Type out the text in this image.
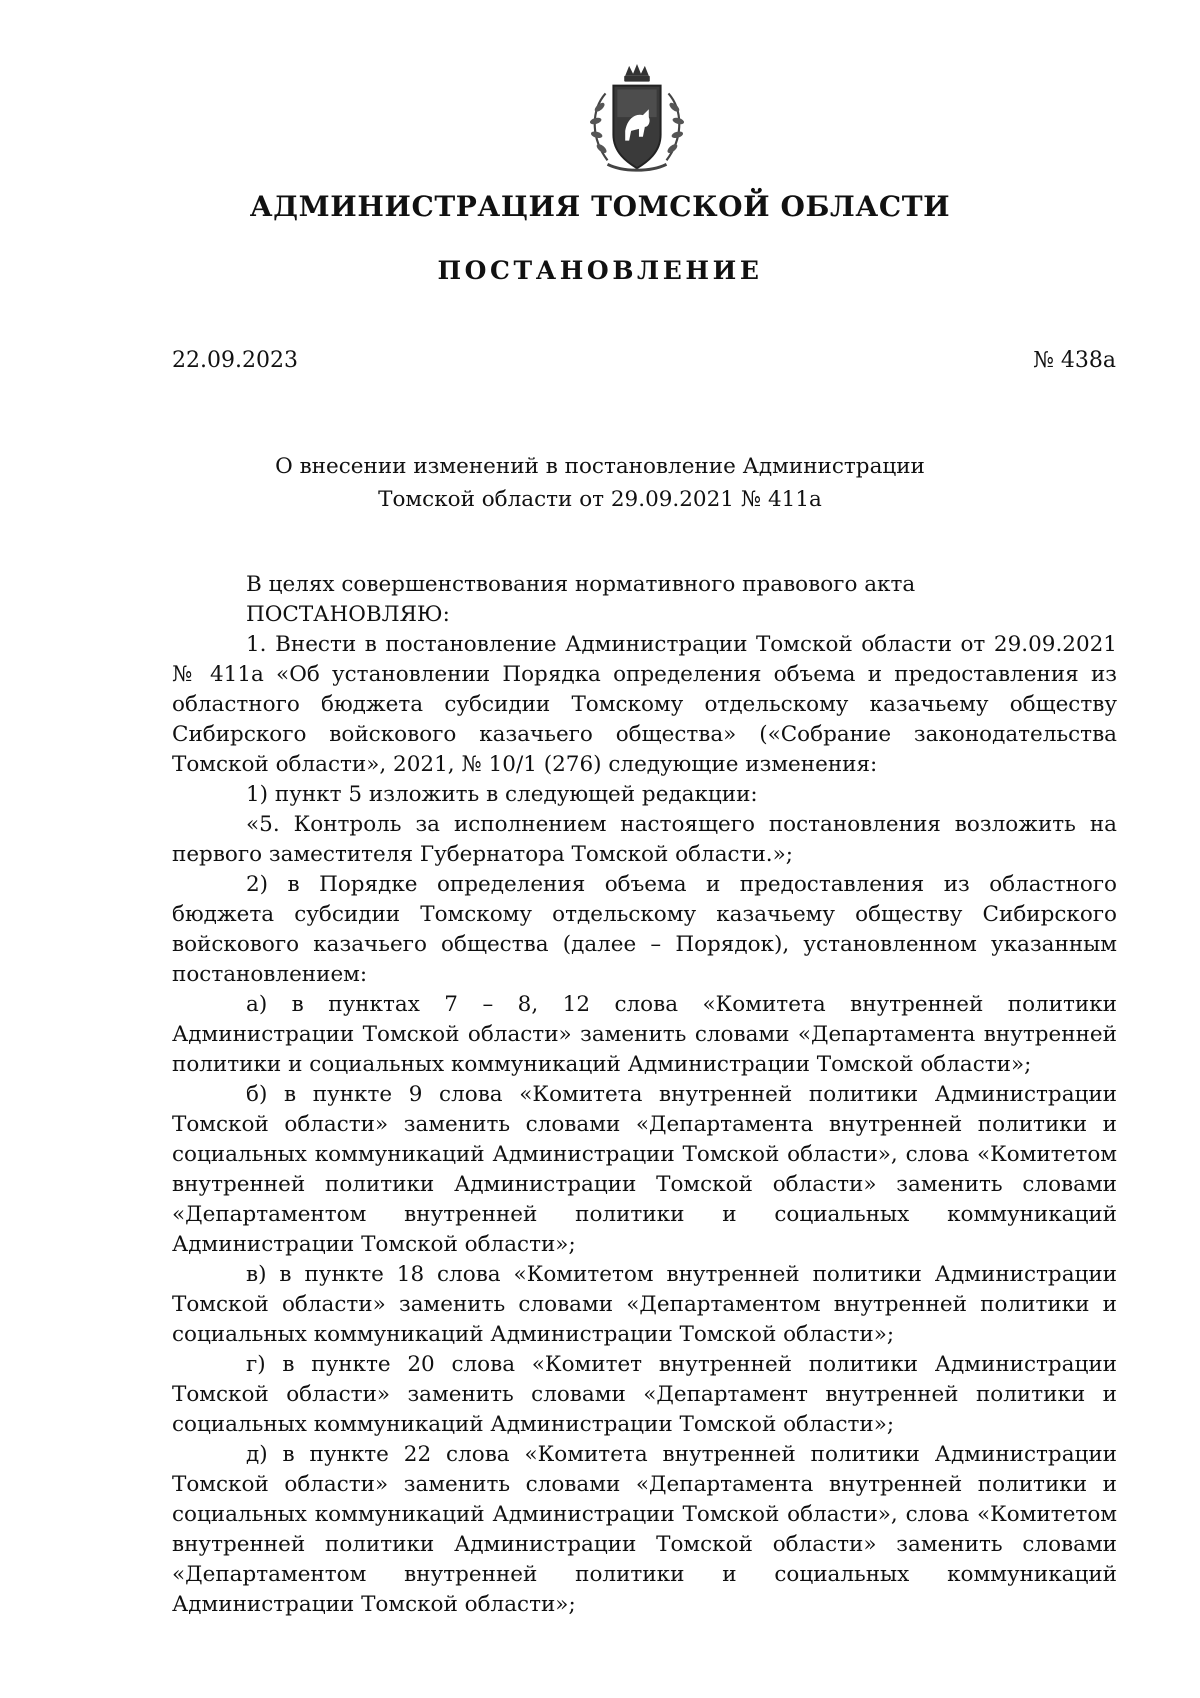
АДМИНИСТРАЦИЯ ТОМСКОЙ ОБЛАСТИ
ПОСТАНОВЛЕНИЕ
22.09.2023	№ 438а
О внесении изменений в постановление Администрации
Томской области от 29.09.2021 № 411а

В целях совершенствования нормативного правового акта

ПОСТАНОВЛЯЮ:

1. Внести в постановление Администрации Томской области от 29.09.2021 № 411а «Об установлении Порядка определения объема и предоставления из областного бюджета субсидии Томскому отдельскому казачьему обществу Сибирского войскового казачьего общества» («Собрание законодательства Томской области», 2021, № 10/1 (276) следующие изменения:

1) пункт 5 изложить в следующей редакции:

«5. Контроль за исполнением настоящего постановления возложить на первого заместителя Губернатора Томской области.»;

2) в Порядке определения объема и предоставления из областного бюджета субсидии Томскому отдельскому казачьему обществу Сибирского войскового казачьего общества (далее – Порядок), установленном указанным постановлением:

а) в пунктах 7 – 8, 12 слова «Комитета внутренней политики Администрации Томской области» заменить словами «Департамента внутренней политики и социальных коммуникаций Администрации Томской области»;

б) в пункте 9 слова «Комитета внутренней политики Администрации Томской области» заменить словами «Департамента внутренней политики и социальных коммуникаций Администрации Томской области», слова «Комитетом внутренней политики Администрации Томской области» заменить словами «Департаментом внутренней политики и социальных коммуникаций Администрации Томской области»;

в) в пункте 18 слова «Комитетом внутренней политики Администрации Томской области» заменить словами «Департаментом внутренней политики и социальных коммуникаций Администрации Томской области»;

г) в пункте 20 слова «Комитет внутренней политики Администрации Томской области» заменить словами «Департамент внутренней политики и социальных коммуникаций Администрации Томской области»;

д) в пункте 22 слова «Комитета внутренней политики Администрации Томской области» заменить словами «Департамента внутренней политики и социальных коммуникаций Администрации Томской области», слова «Комитетом внутренней политики Администрации Томской области» заменить словами «Департаментом внутренней политики и социальных коммуникаций Администрации Томской области»;
